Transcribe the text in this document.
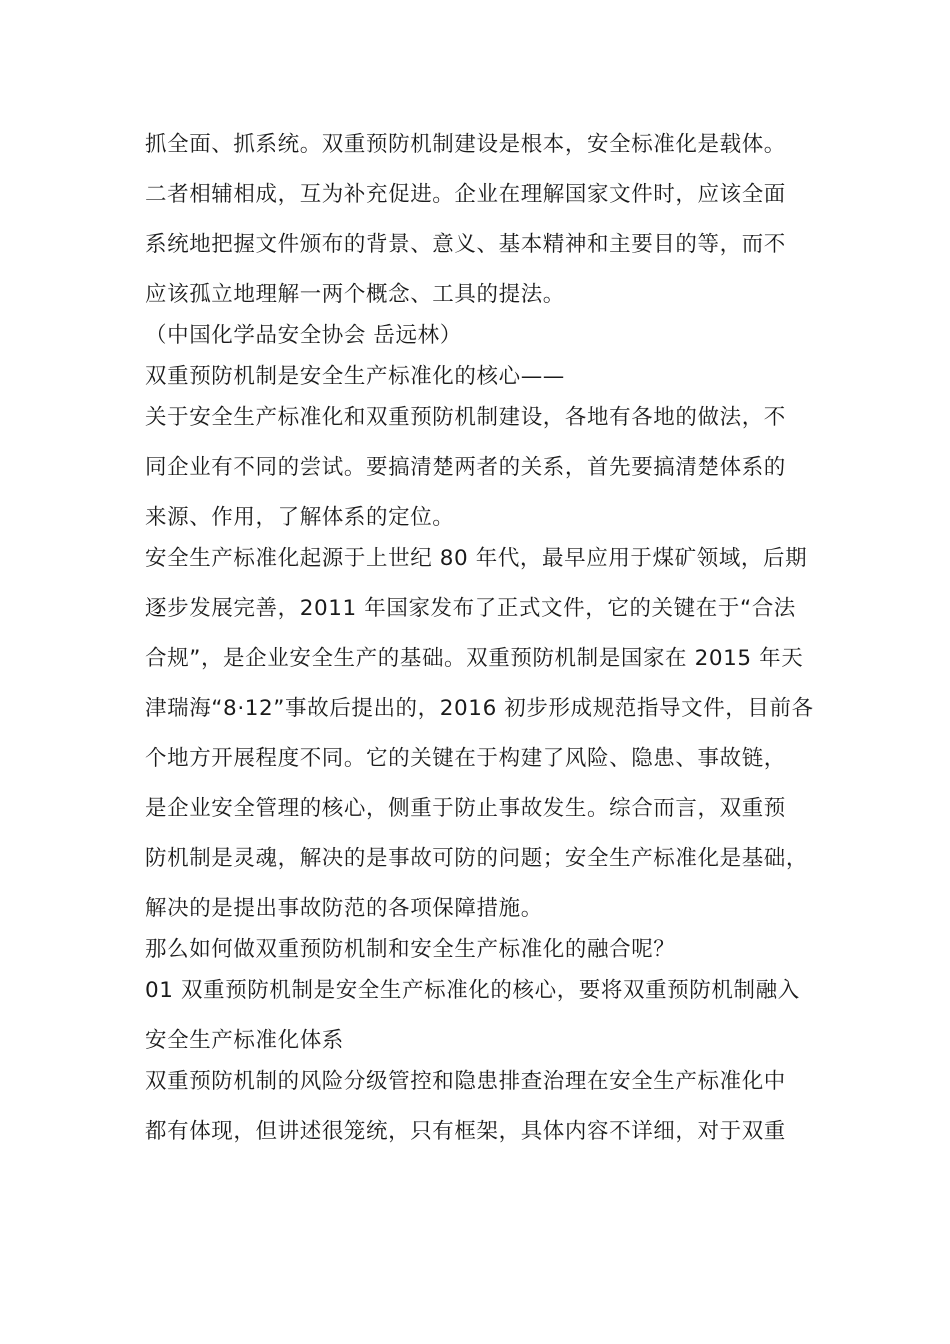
抓全面、抓系统。双重预防机制建设是根本，安全标准化是载体。
二者相辅相成，互为补充促进。企业在理解国家文件时，应该全面
系统地把握文件颁布的背景、意义、基本精神和主要目的等，而不
应该孤立地理解一两个概念、工具的提法。
（中国化学品安全协会 岳远林）
双重预防机制是安全生产标准化的核心——
关于安全生产标准化和双重预防机制建设，各地有各地的做法，不
同企业有不同的尝试。要搞清楚两者的关系，首先要搞清楚体系的
来源、作用，了解体系的定位。
安全生产标准化起源于上世纪 80 年代，最早应用于煤矿领域，后期
逐步发展完善，2011 年国家发布了正式文件，它的关键在于“合法
合规”，是企业安全生产的基础。双重预防机制是国家在 2015 年天
津瑞海“8·12”事故后提出的，2016 初步形成规范指导文件，目前各
个地方开展程度不同。它的关键在于构建了风险、隐患、事故链，
是企业安全管理的核心，侧重于防止事故发生。综合而言，双重预
防机制是灵魂，解决的是事故可防的问题；安全生产标准化是基础，
解决的是提出事故防范的各项保障措施。
那么如何做双重预防机制和安全生产标准化的融合呢？
01 双重预防机制是安全生产标准化的核心，要将双重预防机制融入
安全生产标准化体系
双重预防机制的风险分级管控和隐患排查治理在安全生产标准化中
都有体现，但讲述很笼统，只有框架，具体内容不详细，对于双重
